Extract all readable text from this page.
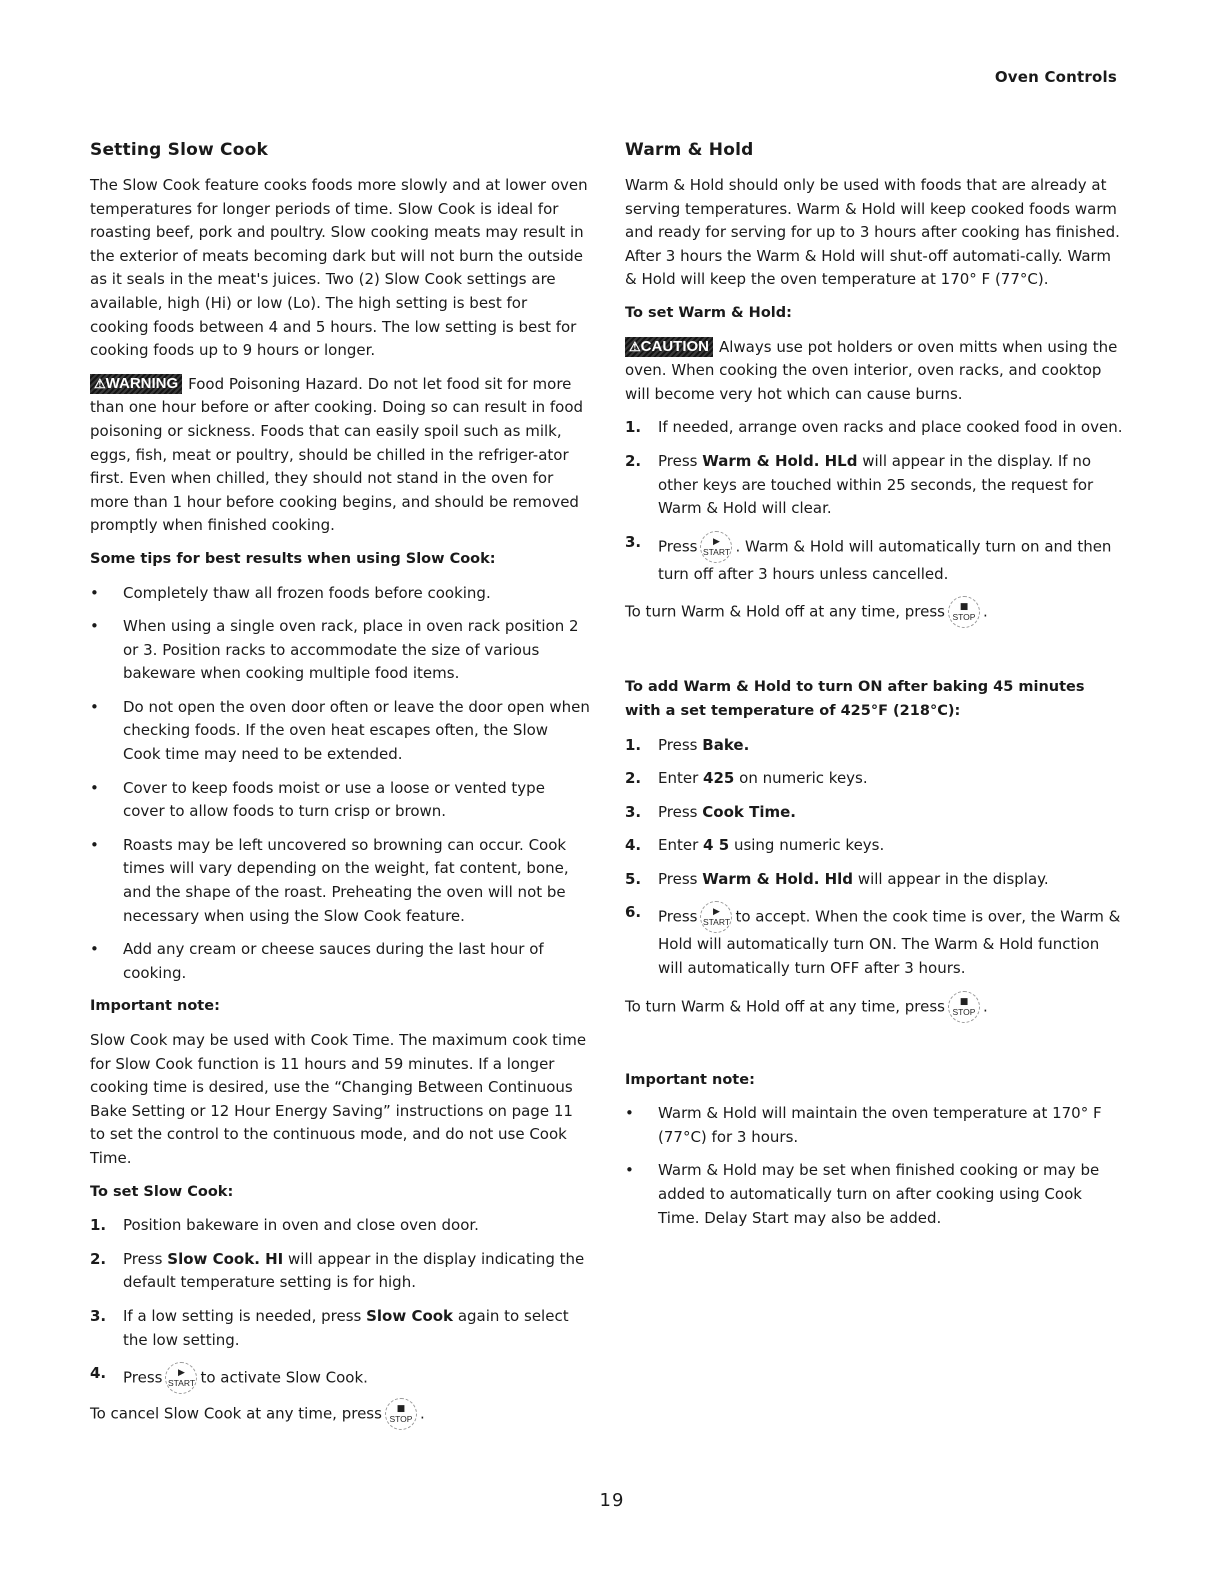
Oven Controls
Setting Slow Cook

The Slow Cook feature cooks foods more slowly and at lower oven temperatures for longer periods of time. Slow Cook is ideal for roasting beef, pork and poultry. Slow cooking meats may result in the exterior of meats becoming dark but will not burn the outside as it seals in the meat's juices. Two (2) Slow Cook settings are available, high (Hi) or low (Lo). The high setting is best for cooking foods between 4 and 5 hours. The low setting is best for cooking foods up to 9 hours or longer.

⚠WARNING Food Poisoning Hazard. Do not let food sit for more than one hour before or after cooking. Doing so can result in food poisoning or sickness. Foods that can easily spoil such as milk, eggs, fish, meat or poultry, should be chilled in the refriger-ator first. Even when chilled, they should not stand in the oven for more than 1 hour before cooking begins, and should be removed promptly when finished cooking.

Some tips for best results when using Slow Cook:
• Completely thaw all frozen foods before cooking.
• When using a single oven rack, place in oven rack position 2 or 3. Position racks to accommodate the size of various bakeware when cooking multiple food items.
• Do not open the oven door often or leave the door open when checking foods. If the oven heat escapes often, the Slow Cook time may need to be extended.
• Cover to keep foods moist or use a loose or vented type cover to allow foods to turn crisp or brown.
• Roasts may be left uncovered so browning can occur. Cook times will vary depending on the weight, fat content, bone, and the shape of the roast. Preheating the oven will not be necessary when using the Slow Cook feature.
• Add any cream or cheese sauces during the last hour of cooking.
Important note:

Slow Cook may be used with Cook Time. The maximum cook time for Slow Cook function is 11 hours and 59 minutes. If a longer cooking time is desired, use the “Changing Between Continuous Bake Setting or 12 Hour Energy Saving” instructions on page 11 to set the control to the continuous mode, and do not use Cook Time.

To set Slow Cook:
1. Position bakeware in oven and close oven door.
2. Press Slow Cook. HI will appear in the display indicating the default temperature setting is for high.
3. If a low setting is needed, press Slow Cook again to select the low setting.
4. Press	▶
START to activate Slow Cook.

To cancel Slow Cook at any time, press	■
STOP .

Warm & Hold

Warm & Hold should only be used with foods that are already at serving temperatures. Warm & Hold will keep cooked foods warm and ready for serving for up to 3 hours after cooking has finished. After 3 hours the Warm & Hold will shut-off automati-cally. Warm & Hold will keep the oven temperature at 170° F (77°C).

To set Warm & Hold:

⚠CAUTION Always use pot holders or oven mitts when using the oven. When cooking the oven interior, oven racks, and cooktop will become very hot which can cause burns.

1. If needed, arrange oven racks and place cooked food in oven.
2. Press Warm & Hold. HLd will appear in the display. If no other keys are touched within 25 seconds, the request for Warm & Hold will clear.
3. Press	▶
START . Warm & Hold will automatically turn on and then turn off after 3 hours unless cancelled.

To turn Warm & Hold off at any time, press	■
STOP .

To add Warm & Hold to turn ON after baking 45 minutes with a set temperature of 425°F (218°C):
1. Press Bake.
2. Enter 425 on numeric keys.
3. Press Cook Time.
4. Enter 4 5 using numeric keys.
5. Press Warm & Hold. Hld will appear in the display.
6. Press	▶
START to accept. When the cook time is over, the Warm & Hold will automatically turn ON. The Warm & Hold function will automatically turn OFF after 3 hours.

To turn Warm & Hold off at any time, press	■
STOP .

Important note:
• Warm & Hold will maintain the oven temperature at 170° F (77°C) for 3 hours.
• Warm & Hold may be set when finished cooking or may be added to automatically turn on after cooking using Cook Time. Delay Start may also be added.
19
